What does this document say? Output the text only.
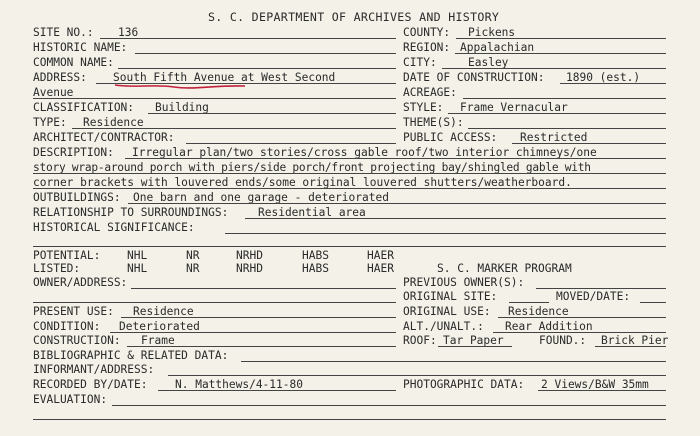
S. C. DEPARTMENT OF ARCHIVES AND HISTORY
SITE NO.: 136	COUNTY: Pickens
HISTORIC NAME:	REGION: Appalachian
COMMON NAME:	CITY:	Easley
ADDRESS: South Fifth Avenue at West Second	DATE OF CONSTRUCTION: 1890 (est.)
Avenue	ACREAGE:
CLASSIFICATION: Building	STYLE: Frame Vernacular
TYPE: Residence	THEME(S):
ARCHITECT/CONTRACTOR:	PUBLIC ACCESS: Restricted
DESCRIPTION: Irregular plan/two stories/cross gable roof/two interior chimneys/one
story wrap-around porch with piers/side porch/front projecting bay/shingled gable with
corner brackets with louvered ends/some original louvered shutters/weatherboard.
OUTBUILDINGS: One barn and one garage - deteriorated
RELATIONSHIP TO SURROUNDINGS:	Residential area
HISTORICAL SIGNIFICANCE:
POTENTIAL: NHL	NR	NRHD	HABS	HAER
LISTED:	NHL	NR	NRHD	HABS	HAER	S. C. MARKER PROGRAM
OWNER/ADDRESS:	PREVIOUS OWNER(S):
ORIGINAL SITE:	MOVED/DATE:
PRESENT USE: Residence	ORIGINAL USE: Residence
CONDITION: Deteriorated	ALT./UNALT.: Rear Addition
CONSTRUCTION: Frame	ROOF: Tar Paper	FOUND.: Brick Pier
BIBLIOGRAPHIC & RELATED DATA:
INFORMANT/ADDRESS:
RECORDED BY/DATE: N. Matthews/4-11-80	PHOTOGRAPHIC DATA: 2 Views/B&W 35mm
EVALUATION:
